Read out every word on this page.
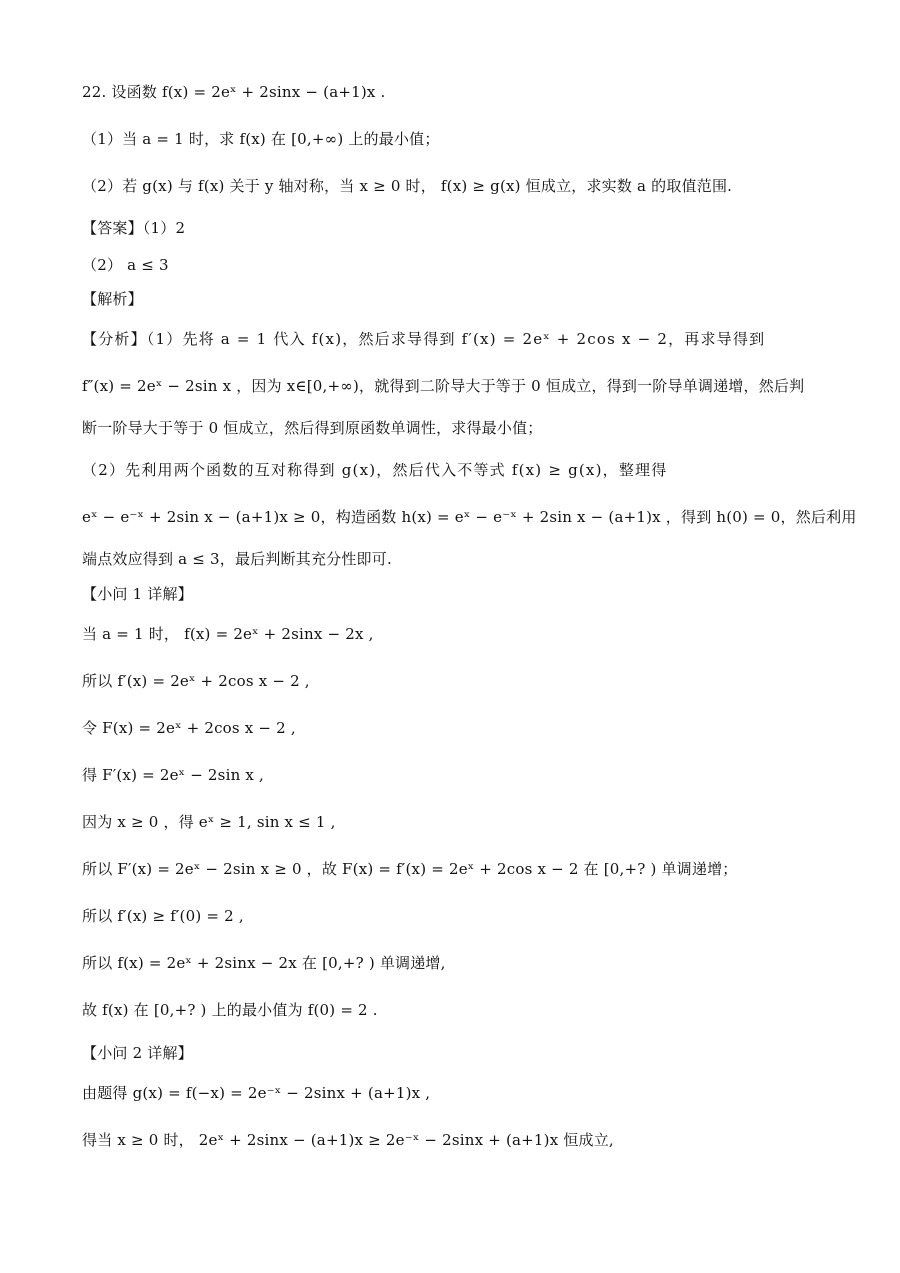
22. 设函数 f(x) = 2eˣ + 2sinx − (a+1)x .
（1）当 a = 1 时，求 f(x) 在 [0,+∞) 上的最小值；
（2）若 g(x) 与 f(x) 关于 y 轴对称，当 x ≥ 0 时， f(x) ≥ g(x) 恒成立，求实数 a 的取值范围.
【答案】（1）2
（2） a ≤ 3
【解析】
【分析】（1）先将 a = 1 代入 f(x)，然后求导得到 f′(x) = 2eˣ + 2cos x − 2，再求导得到
f″(x) = 2eˣ − 2sin x ，因为 x∈[0,+∞)，就得到二阶导大于等于 0 恒成立，得到一阶导单调递增，然后判
断一阶导大于等于 0 恒成立，然后得到原函数单调性，求得最小值；
（2）先利用两个函数的互对称得到 g(x)，然后代入不等式 f(x) ≥ g(x)，整理得
eˣ − e⁻ˣ + 2sin x − (a+1)x ≥ 0，构造函数 h(x) = eˣ − e⁻ˣ + 2sin x − (a+1)x ，得到 h(0) = 0，然后利用
端点效应得到 a ≤ 3，最后判断其充分性即可.
【小问 1 详解】
当 a = 1 时， f(x) = 2eˣ + 2sinx − 2x ,
所以 f′(x) = 2eˣ + 2cos x − 2 ,
令 F(x) = 2eˣ + 2cos x − 2 ,
得 F′(x) = 2eˣ − 2sin x ,
因为 x ≥ 0 ，得 eˣ ≥ 1, sin x ≤ 1 ,
所以 F′(x) = 2eˣ − 2sin x ≥ 0 ，故 F(x) = f′(x) = 2eˣ + 2cos x − 2 在 [0,+? ) 单调递增；
所以 f′(x) ≥ f′(0) = 2 ,
所以 f(x) = 2eˣ + 2sinx − 2x 在 [0,+? ) 单调递增,
故 f(x) 在 [0,+? ) 上的最小值为 f(0) = 2 .
【小问 2 详解】
由题得 g(x) = f(−x) = 2e⁻ˣ − 2sinx + (a+1)x ,
得当 x ≥ 0 时， 2eˣ + 2sinx − (a+1)x ≥ 2e⁻ˣ − 2sinx + (a+1)x 恒成立,
